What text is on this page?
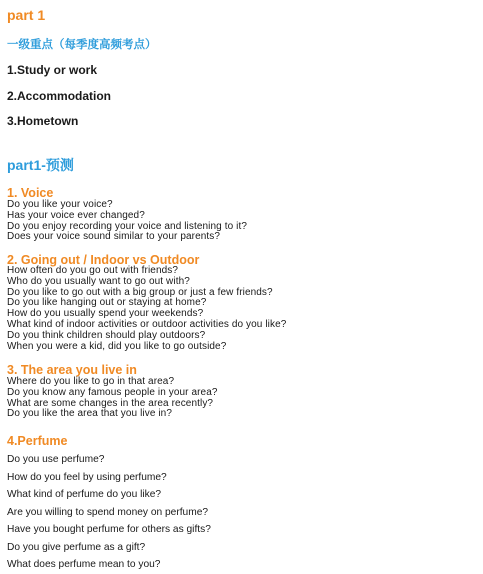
part 1
一级重点（每季度高频考点）
1.Study or work
2.Accommodation
3.Hometown
part1-预测
1. Voice
Do you like your voice?
Has your voice ever changed?
Do you enjoy recording your voice and listening to it?
Does your voice sound similar to your parents?
2. Going out / Indoor vs Outdoor
How often do you go out with friends?
Who do you usually want to go out with?
Do you like to go out with a big group or just a few friends?
Do you like hanging out or staying at home?
How do you usually spend your weekends?
What kind of indoor activities or outdoor activities do you like?
Do you think children should play outdoors?
When you were a kid, did you like to go outside?
3. The area you live in
Where do you like to go in that area?
Do you know any famous people in your area?
What are some changes in the area recently?
Do you like the area that you live in?
4.Perfume
Do you use perfume?
How do you feel by using perfume?
What kind of perfume do you like?
Are you willing to spend money on perfume?
Have you bought perfume for others as gifts?
Do you give perfume as a gift?
What does perfume mean to you?
